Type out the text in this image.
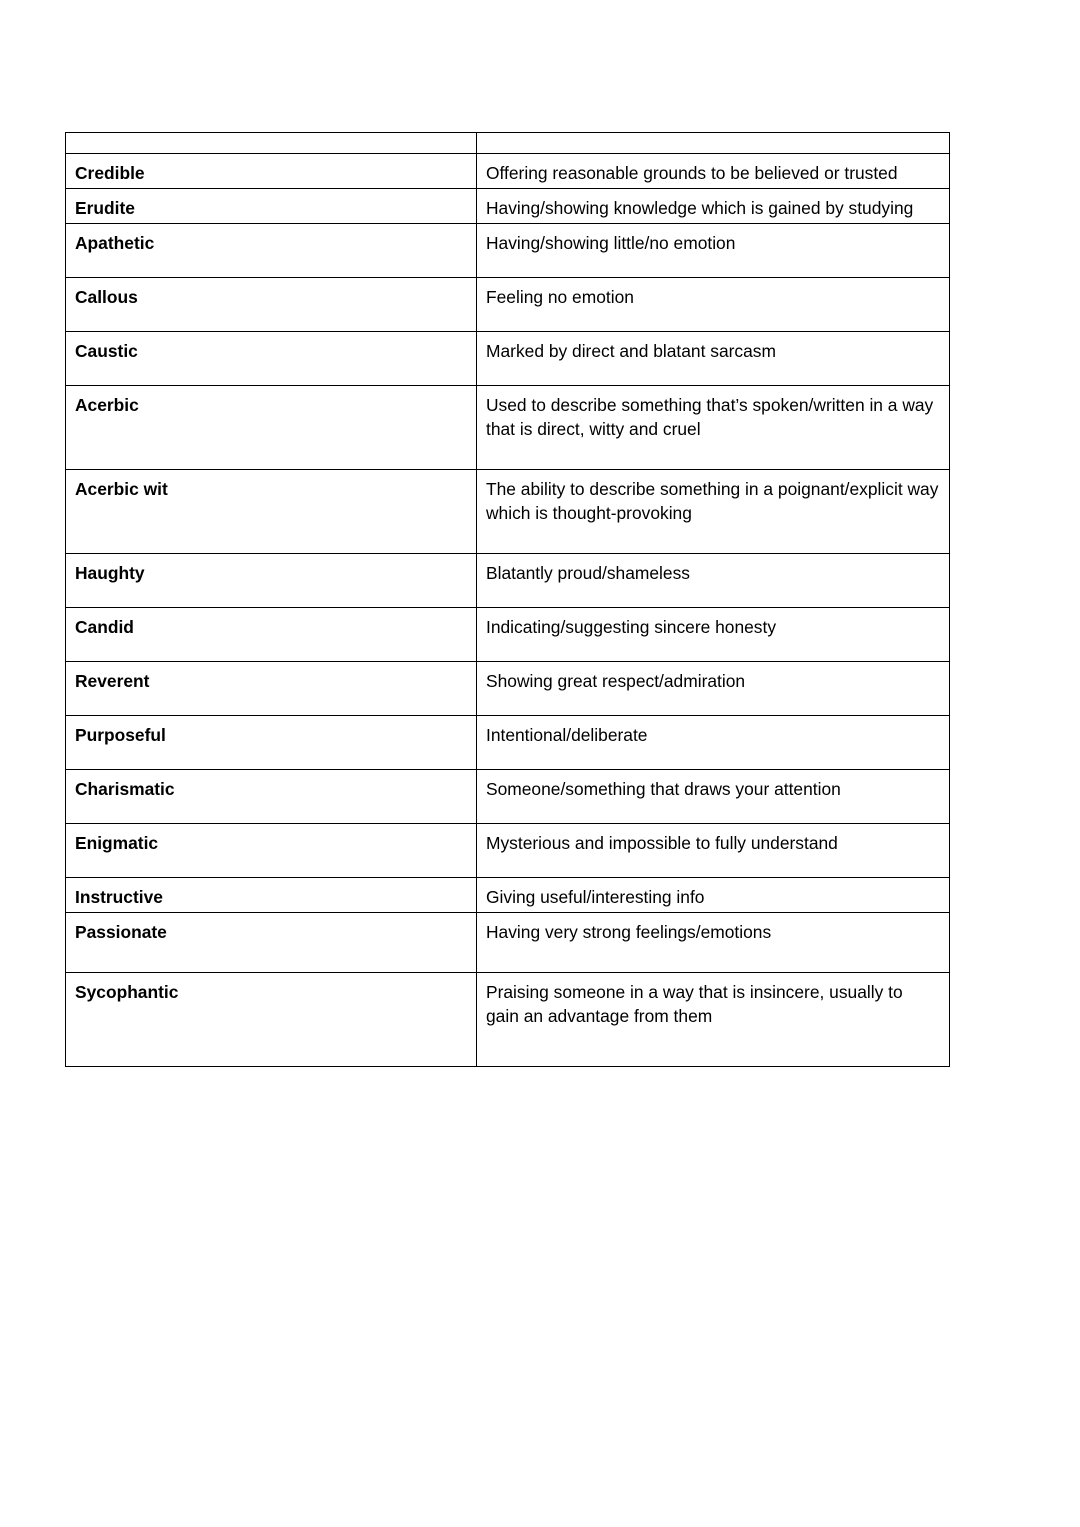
Credible	Offering reasonable grounds to be believed or trusted

Erudite	Having/showing knowledge which is gained by studying

Apathetic	Having/showing little/no emotion

Callous	Feeling no emotion

Caustic	Marked by direct and blatant sarcasm

Acerbic	Used to describe something that’s spoken/written in a way that is direct, witty and cruel

Acerbic wit	The ability to describe something in a poignant/explicit way which is thought-provoking

Haughty	Blatantly proud/shameless

Candid	Indicating/suggesting sincere honesty

Reverent	Showing great respect/admiration

Purposeful	Intentional/deliberate

Charismatic	Someone/something that draws your attention

Enigmatic	Mysterious and impossible to fully understand

Instructive	Giving useful/interesting info

Passionate	Having very strong feelings/emotions

Sycophantic	Praising someone in a way that is insincere, usually to gain an advantage from them
